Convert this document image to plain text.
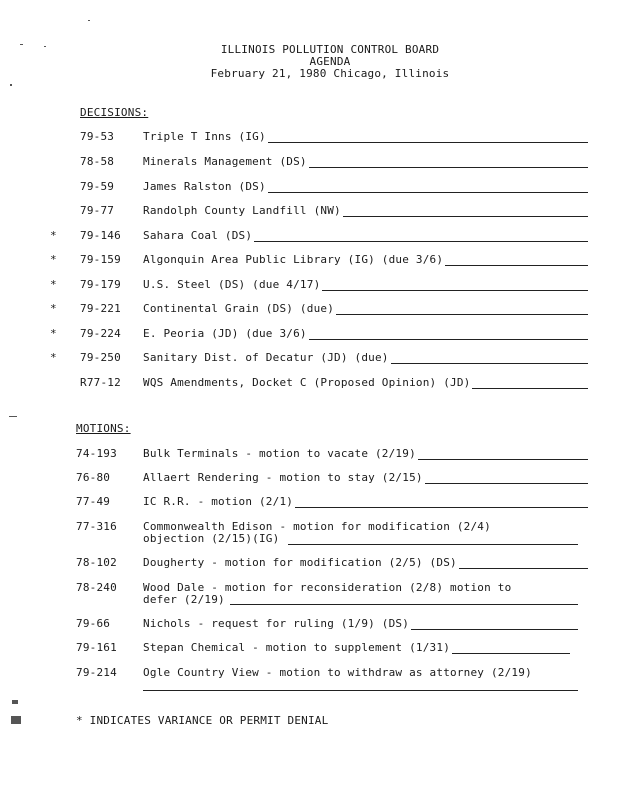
ILLINOIS POLLUTION CONTROL BOARD
AGENDA
February 21, 1980 Chicago, Illinois
DECISIONS:
79-53	Triple T Inns (IG)
78-58	Minerals Management (DS)
79-59	James Ralston (DS)
79-77	Randolph County Landfill (NW)
* 79-146 Sahara Coal (DS)
* 79-159 Algonquin Area Public Library (IG) (due 3/6)
* 79-179 U.S. Steel (DS) (due 4/17)
* 79-221 Continental Grain (DS) (due)
* 79-224 E. Peoria (JD) (due 3/6)
* 79-250 Sanitary Dist. of Decatur (JD) (due)
R77-12 WQS Amendments, Docket C (Proposed Opinion) (JD)
MOTIONS:
74-193 Bulk Terminals - motion to vacate (2/19)
76-80	Allaert Rendering - motion to stay (2/15)
77-49	IC R.R. - motion (2/1)
77-316 Commonwealth Edison - motion for modification (2/4)
objection (2/15)(IG)
78-102 Dougherty - motion for modification (2/5) (DS)
78-240 Wood Dale - motion for reconsideration (2/8) motion to
defer (2/19)
79-66	Nichols - request for ruling (1/9) (DS)
79-161 Stepan Chemical - motion to supplement (1/31)
79-214 Ogle Country View - motion to withdraw as attorney (2/19)
* INDICATES VARIANCE OR PERMIT DENIAL
